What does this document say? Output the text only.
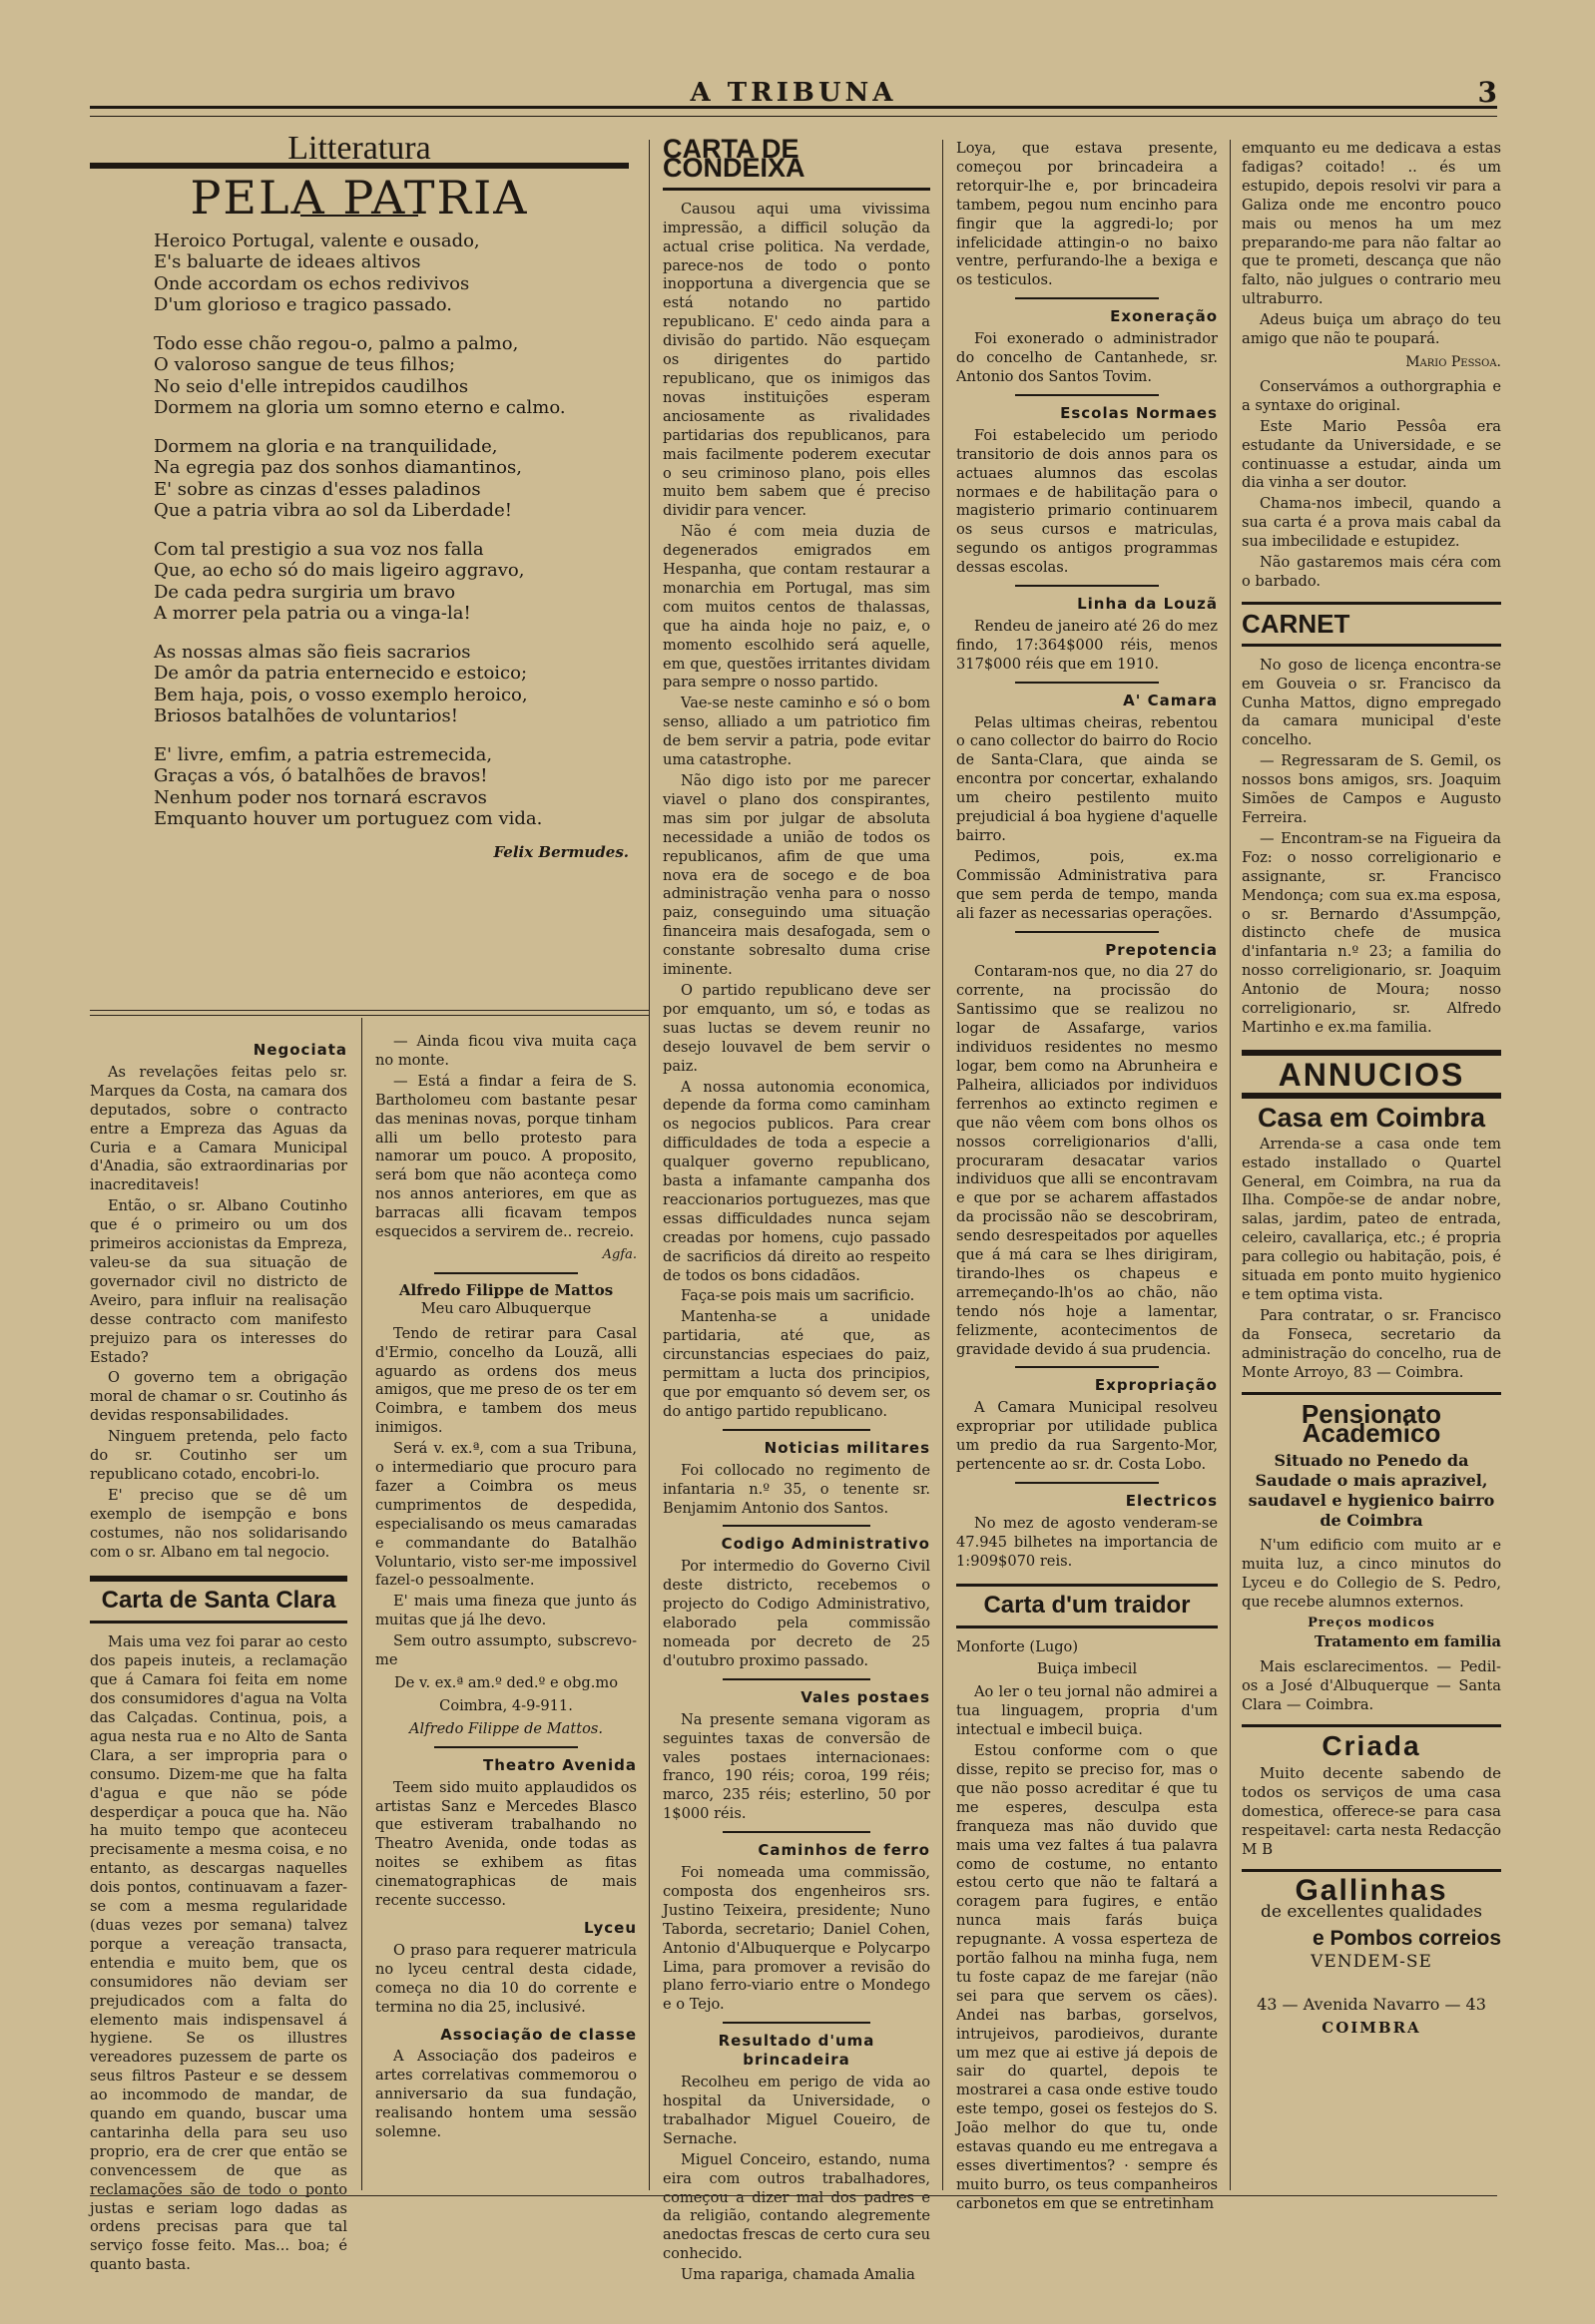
A TRIBUNA	3
Litteratura
PELA PATRIA
Heroico Portugal, valente e ousado,
E's baluarte de ideaes altivos
Onde accordam os echos redivivos
D'um glorioso e tragico passado.
Todo esse chão regou-o, palmo a palmo,
O valoroso sangue de teus filhos;
No seio d'elle intrepidos caudilhos
Dormem na gloria um somno eterno e calmo.
Dormem na gloria e na tranquilidade,
Na egregia paz dos sonhos diamantinos,
E' sobre as cinzas d'esses paladinos
Que a patria vibra ao sol da Liberdade!
Com tal prestigio a sua voz nos falla
Que, ao echo só do mais ligeiro aggravo,
De cada pedra surgiria um bravo
A morrer pela patria ou a vinga-la!
As nossas almas são fieis sacrarios
De amôr da patria enternecido e estoico;
Bem haja, pois, o vosso exemplo heroico,
Briosos batalhões de voluntarios!
E' livre, emfim, a patria estremecida,
Graças a vós, ó batalhões de bravos!
Nenhum poder nos tornará escravos
Emquanto houver um portuguez com vida.
Felix Bermudes.
Negociata

As revelações feitas pelo sr. Marques da Costa, na camara dos deputados, sobre o contracto entre a Empreza das Aguas da Curia e a Camara Municipal d'Anadia, são extraordinarias por inacreditaveis!

Então, o sr. Albano Coutinho que é o primeiro ou um dos primeiros accionistas da Empreza, valeu-se da sua situação de governador civil no districto de Aveiro, para influir na realisação desse contracto com manifesto prejuizo para os interesses do Estado?

O governo tem a obrigação moral de chamar o sr. Coutinho ás devidas responsabilidades.

Ninguem pretenda, pelo facto do sr. Coutinho ser um republicano cotado, encobri-lo.

E' preciso que se dê um exemplo de isempção e bons costumes, não nos solidarisando com o sr. Albano em tal negocio.

Carta de Santa Clara

Mais uma vez foi parar ao cesto dos papeis inuteis, a reclamação que á Camara foi feita em nome dos consumidores d'agua na Volta das Calçadas. Continua, pois, a agua nesta rua e no Alto de Santa Clara, a ser impropria para o consumo. Dizem-me que ha falta d'agua e que não se póde desperdiçar a pouca que ha. Não ha muito tempo que aconteceu precisamente a mesma coisa, e no entanto, as descargas naquelles dois pontos, continuavam a fazer-se com a mesma regularidade (duas vezes por semana) talvez porque a vereação transacta, entendia e muito bem, que os consumidores não deviam ser prejudicados com a falta do elemento mais indispensavel á hygiene. Se os illustres vereadores puzessem de parte os seus filtros Pasteur e se dessem ao incommodo de mandar, de quando em quando, buscar uma cantarinha della para seu uso proprio, era de crer que então se convencessem de que as reclamações são de todo o ponto justas e seriam logo dadas as ordens precisas para que tal serviço fosse feito. Mas... boa; é quanto basta.

— Ainda ficou viva muita caça no monte.

— Está a findar a feira de S. Bartholomeu com bastante pesar das meninas novas, porque tinham alli um bello protesto para namorar um pouco. A proposito, será bom que não aconteça como nos annos anteriores, em que as barracas alli ficavam tempos esquecidos a servirem de.. recreio.

Agfa.
Alfredo Filippe de Mattos
Meu caro Albuquerque

Tendo de retirar para Casal d'Ermio, concelho da Louzã, alli aguardo as ordens dos meus amigos, que me preso de os ter em Coimbra, e tambem dos meus inimigos.

Será v. ex.ª, com a sua Tribuna, o intermediario que procuro para fazer a Coimbra os meus cumprimentos de despedida, especialisando os meus camaradas e commandante do Batalhão Voluntario, visto ser-me impossivel fazel-o pessoalmente.

E' mais uma fineza que junto ás muitas que já lhe devo.

Sem outro assumpto, subscrevo-me

De v. ex.ª am.º ded.º e obg.mo
Coimbra, 4-9-911.
Alfredo Filippe de Mattos.
Theatro Avenida

Teem sido muito applaudidos os artistas Sanz e Mercedes Blasco que estiveram trabalhando no Theatro Avenida, onde todas as noites se exhibem as fitas cinematographicas de mais recente successo.

Lyceu

O praso para requerer matricula no lyceu central desta cidade, começa no dia 10 do corrente e termina no dia 25, inclusivé.

Associação de classe

A Associação dos padeiros e artes correlativas commemorou o anniversario da sua fundação, realisando hontem uma sessão solemne.

CARTA DE CONDEIXA

Causou aqui uma vivissima impressão, a difficil solução da actual crise politica. Na verdade, parece-nos de todo o ponto inopportuna a divergencia que se está notando no partido republicano. E' cedo ainda para a divisão do partido. Não esqueçam os dirigentes do partido republicano, que os inimigos das novas instituições esperam anciosamente as rivalidades partidarias dos republicanos, para mais facilmente poderem executar o seu criminoso plano, pois elles muito bem sabem que é preciso dividir para vencer.

Não é com meia duzia de degenerados emigrados em Hespanha, que contam restaurar a monarchia em Portugal, mas sim com muitos centos de thalassas, que ha ainda hoje no paiz, e, o momento escolhido será aquelle, em que, questões irritantes dividam para sempre o nosso partido.

Vae-se neste caminho e só o bom senso, alliado a um patriotico fim de bem servir a patria, pode evitar uma catastrophe.

Não digo isto por me parecer viavel o plano dos conspirantes, mas sim por julgar de absoluta necessidade a união de todos os republicanos, afim de que uma nova era de socego e de boa administração venha para o nosso paiz, conseguindo uma situação financeira mais desafogada, sem o constante sobresalto duma crise iminente.

O partido republicano deve ser por emquanto, um só, e todas as suas luctas se devem reunir no desejo louvavel de bem servir o paiz.

A nossa autonomia economica, depende da forma como caminham os negocios publicos. Para crear difficuldades de toda a especie a qualquer governo republicano, basta a infamante campanha dos reaccionarios portuguezes, mas que essas difficuldades nunca sejam creadas por homens, cujo passado de sacrificios dá direito ao respeito de todos os bons cidadãos.

Faça-se pois mais um sacrificio.

Mantenha-se a unidade partidaria, até que, as circunstancias especiaes do paiz, permittam a lucta dos principios, que por emquanto só devem ser, os do antigo partido republicano.

Noticias militares

Foi collocado no regimento de infantaria n.º 35, o tenente sr. Benjamim Antonio dos Santos.

Codigo Administrativo

Por intermedio do Governo Civil deste districto, recebemos o projecto do Codigo Administrativo, elaborado pela commissão nomeada por decreto de 25 d'outubro proximo passado.

Vales postaes

Na presente semana vigoram as seguintes taxas de conversão de vales postaes internacionaes: franco, 190 réis; coroa, 199 réis; marco, 235 réis; esterlino, 50 por 1$000 réis.

Caminhos de ferro

Foi nomeada uma commissão, composta dos engenheiros srs. Justino Teixeira, presidente; Nuno Taborda, secretario; Daniel Cohen, Antonio d'Albuquerque e Polycarpo Lima, para promover a revisão do plano ferro-viario entre o Mondego e o Tejo.

Resultado d'uma brincadeira

Recolheu em perigo de vida ao hospital da Universidade, o trabalhador Miguel Coueiro, de Sernache.

Miguel Conceiro, estando, numa eira com outros trabalhadores, começou a dizer mal dos padres e da religião, contando alegremente anedoctas frescas de certo cura seu conhecido.

Uma rapariga, chamada Amalia

Loya, que estava presente, começou por brincadeira a retorquir-lhe e, por brincadeira tambem, pegou num encinho para fingir que la aggredi-lo; por infelicidade attingin-o no baixo ventre, perfurando-lhe a bexiga e os testiculos.

Exoneração

Foi exonerado o administrador do concelho de Cantanhede, sr. Antonio dos Santos Tovim.

Escolas Normaes

Foi estabelecido um periodo transitorio de dois annos para os actuaes alumnos das escolas normaes e de habilitação para o magisterio primario continuarem os seus cursos e matriculas, segundo os antigos programmas dessas escolas.

Linha da Louzã

Rendeu de janeiro até 26 do mez findo, 17:364$000 réis, menos 317$000 réis que em 1910.

A' Camara

Pelas ultimas cheiras, rebentou o cano collector do bairro do Rocio de Santa-Clara, que ainda se encontra por concertar, exhalando um cheiro pestilento muito prejudicial á boa hygiene d'aquelle bairro.

Pedimos, pois, ex.ma Commissão Administrativa para que sem perda de tempo, manda ali fazer as necessarias operações.

Prepotencia

Contaram-nos que, no dia 27 do corrente, na procissão do Santissimo que se realizou no logar de Assafarge, varios individuos residentes no mesmo logar, bem como na Abrunheira e Palheira, alliciados por individuos ferrenhos ao extincto regimen e que não vêem com bons olhos os nossos correligionarios d'alli, procuraram desacatar varios individuos que alli se encontravam e que por se acharem affastados da procissão não se descobriram, sendo desrespeitados por aquelles que á má cara se lhes dirigiram, tirando-lhes os chapeus e arremeçando-lh'os ao chão, não tendo nós hoje a lamentar, felizmente, acontecimentos de gravidade devido á sua prudencia.

Expropriação

A Camara Municipal resolveu expropriar por utilidade publica um predio da rua Sargento-Mor, pertencente ao sr. dr. Costa Lobo.

Electricos

No mez de agosto venderam-se 47.945 bilhetes na importancia de 1:909$070 reis.

Carta d'um traidor

Monforte (Lugo)

Buiça imbecil

Ao ler o teu jornal não admirei a tua linguagem, propria d'um intectual e imbecil buiça.

Estou conforme com o que disse, repito se preciso for, mas o que não posso acreditar é que tu me esperes, desculpa esta franqueza mas não duvido que mais uma vez faltes á tua palavra como de costume, no entanto estou certo que não te faltará a coragem para fugires, e então nunca mais farás buiça repugnante. A vossa esperteza de portão falhou na minha fuga, nem tu foste capaz de me farejar (não sei para que servem os cães). Andei nas barbas, gorselvos, intrujeivos, parodieivos, durante um mez que ai estive já depois de sair do quartel, depois te mostrarei a casa onde estive toudo este tempo, gosei os festejos do S. João melhor do que tu, onde estavas quando eu me entregava a esses divertimentos? · sempre és muito burro, os teus companheiros carbonetos em que se entretinham

emquanto eu me dedicava a estas fadigas? coitado! .. és um estupido, depois resolvi vir para a Galiza onde me encontro pouco mais ou menos ha um mez preparando-me para não faltar ao que te prometi, descança que não falto, não julgues o contrario meu ultraburro.

Adeus buiça um abraço do teu amigo que não te poupará.

Mario Pessoa.

Conservámos a outhorgraphia e a syntaxe do original.

Este Mario Pessôa era estudante da Universidade, e se continuasse a estudar, ainda um dia vinha a ser doutor.

Chama-nos imbecil, quando a sua carta é a prova mais cabal da sua imbecilidade e estupidez.

Não gastaremos mais céra com o barbado.

CARNET

No goso de licença encontra-se em Gouveia o sr. Francisco da Cunha Mattos, digno empregado da camara municipal d'este concelho.

— Regressaram de S. Gemil, os nossos bons amigos, srs. Joaquim Simões de Campos e Augusto Ferreira.

— Encontram-se na Figueira da Foz: o nosso correligionario e assignante, sr. Francisco Mendonça; com sua ex.ma esposa, o sr. Bernardo d'Assumpção, distincto chefe de musica d'infantaria n.º 23; a familia do nosso correligionario, sr. Joaquim Antonio de Moura; nosso correligionario, sr. Alfredo Martinho e ex.ma familia.

ANNUCIOS
Casa em Coimbra

Arrenda-se a casa onde tem estado installado o Quartel General, em Coimbra, na rua da Ilha. Compõe-se de andar nobre, salas, jardim, pateo de entrada, celeiro, cavallariça, etc.; é propria para collegio ou habitação, pois, é situada em ponto muito hygienico e tem optima vista.

Para contratar, o sr. Francisco da Fonseca, secretario da administração do concelho, rua de Monte Arroyo, 83 — Coimbra.

Pensionato Academico

Situado no Penedo da Saudade o mais aprazivel, saudavel e hygienico bairro de Coimbra

N'um edificio com muito ar e muita luz, a cinco minutos do Lyceu e do Collegio de S. Pedro, que recebe alumnos externos.

Preços modicos
Tratamento em familia

Mais esclarecimentos. — Pedil-os a José d'Albuquerque — Santa Clara — Coimbra.

Criada

Muito decente sabendo de todos os serviços de uma casa domestica, offerece-se para casa respeitavel: carta nesta Redacção M B

Gallinhas
de excellentes qualidades
e Pombos correios
VENDEM-SE
43 — Avenida Navarro — 43
COIMBRA
